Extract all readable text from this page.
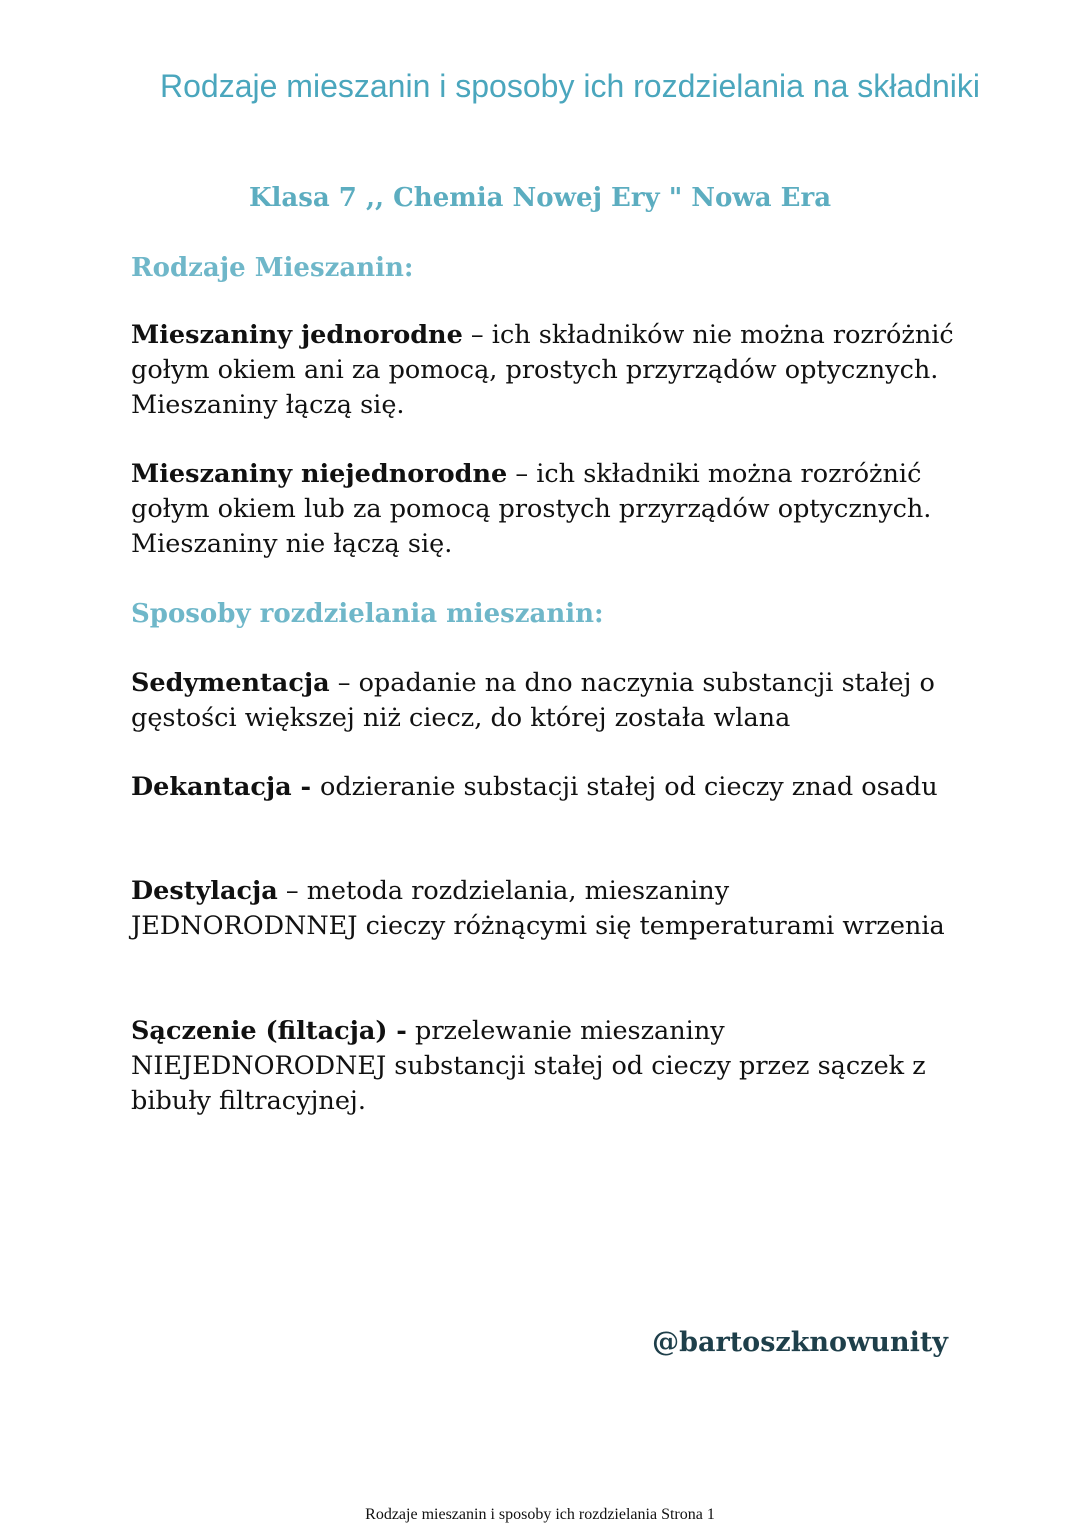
Rodzaje mieszanin i sposoby ich rozdzielania na składniki
Klasa 7 ,, Chemia Nowej Ery " Nowa Era
Rodzaje Mieszanin:
Mieszaniny jednorodne – ich składników nie można rozróżnić gołym okiem ani za pomocą, prostych przyrządów optycznych. Mieszaniny łączą się.
Mieszaniny niejednorodne – ich składniki można rozróżnić gołym okiem lub za pomocą prostych przyrządów optycznych. Mieszaniny nie łączą się.
Sposoby rozdzielania mieszanin:
Sedymentacja – opadanie na dno naczynia substancji stałej o gęstości większej niż ciecz, do której została wlana
Dekantacja - odzieranie substacji stałej od cieczy znad osadu
Destylacja – metoda rozdzielania, mieszaniny JEDNORODNNEJ cieczy różnącymi się temperaturami wrzenia
Sączenie (filtacja) - przelewanie mieszaniny NIEJEDNORODNEJ substancji stałej od cieczy przez sączek z bibuły filtracyjnej.
@bartoszknowunity
Rodzaje mieszanin i sposoby ich rozdzielania Strona 1
